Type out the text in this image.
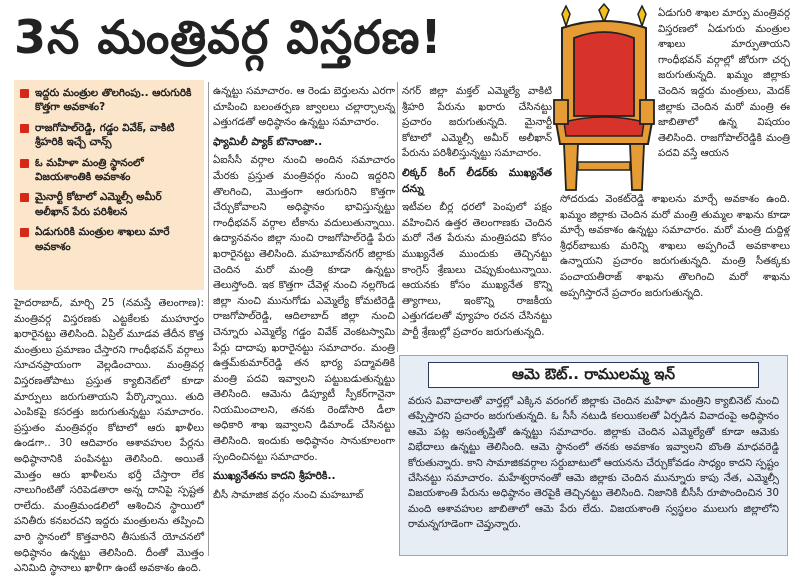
3న మంత్రివర్గ విస్తరణ!
ఇద్దరు మంత్రుల తొలగింపు.. ఆరుగురికి కొత్తగా అవకాశం?
రాజగోపాల్‌రెడ్డి, గడ్డం వివేక్, వాకిటి శ్రీహరికి ఇచ్చే చాన్స్
ఓ మహిళా మంత్రి స్థానంలో విజయశాంతికి అవకాశం
మైనార్టీ కోటాలో ఎమ్మెల్సీ అమీర్ అలీఖాన్ పేరు పరిశీలన
ఏడుగురికి మంత్రుల శాఖలు మారే అవకాశం

హైదరాబాద్, మార్చి 25 (నమస్తే తెలంగాణ): మంత్రివర్గ విస్తరణకు ఎట్టకేలకు ముహూర్తం ఖరారైనట్టు తెలిసింది. ఏప్రిల్ మూడవ తేదీన కొత్త మంత్రులు ప్రమాణం చేస్తారని గాంధీభవన్ వర్గాలు సూచనప్రాయంగా వెల్లడించాయి. మంత్రివర్గ విస్తరణతోపాటు ప్రస్తుత క్యాబినెట్‌లో కూడా మార్పులు జరుగుతాయని పేర్కొన్నాయి. తుది ఎంపికపై కసరత్తు జరుగుతున్నట్టు సమాచారం. ప్రస్తుతం మంత్రివర్గం కోటాలో ఆరు ఖాళీలు ఉండగా.. 30 ఆదివారం ఆశావహుల పేర్లను అధిష్ఠానానికి పంపినట్టు తెలిసింది. అయితే మొత్తం ఆరు ఖాళీలను భర్తీ చేస్తారా లేక నాలుగింటితో సరిపెడతారా అన్న దానిపై స్పష్టత రాలేదు. మంత్రిమండలిలో ఆశించిన స్థాయిలో పనితీరు కనబరచని ఇద్దరు మంత్రులను తప్పించి వారి స్థానంలో కొత్తవారిని తీసుకునే యోచనలో అధిష్ఠానం ఉన్నట్టు తెలిసింది. దీంతో మొత్తం ఎనిమిది స్థానాలు ఖాళీగా ఉంటే అవకాశం ఉంది.

ఉన్నట్టు సమాచారం. ఆ రెండు బెర్తులను ఎరగా చూపించి బలంతర్పణ జ్వాలలు చల్లార్చాలన్న ఎత్తుగడతో అధిష్ఠానం ఉన్నట్టు సమాచారం.

ఫ్యామిలీ ప్యాక్ బొనాంజా..

ఏఐసీసీ వర్గాల నుంచి అందిన సమాచారం మేరకు ప్రస్తుత మంత్రివర్గం నుంచి ఇద్దరిని తొలగించి, మొత్తంగా ఆరుగురిని కొత్తగా చేర్చుకోవాలని అధిష్ఠానం భావిస్తున్నట్టు గాంధీభవన్ వర్గాల టీకాను వదులుతున్నాయి. ఉద్యానవనం జిల్లా నుంచి రాజగోపాల్‌రెడ్డి పేరు ఖరారైనట్టు తెలిసింది. మహబూబ్‌నగర్ జిల్లాకు చెందిన మరో మంత్రి కూడా ఉన్నట్టు తెలుస్తోంది. ఇక కొత్తగా చేవెళ్ల నుంచి నల్లగొండ జిల్లా నుంచి మునుగోడు ఎమ్మెల్యే కోమటిరెడ్డి రాజగోపాల్‌రెడ్డి, ఆదిలాబాద్ జిల్లా నుంచి చెన్నూరు ఎమ్మెల్యే గడ్డం వివేక్ వెంకటస్వామి పేర్లు దాదాపు ఖరారైనట్టు సమాచారం. మంత్రి ఉత్తమ్‌కుమార్‌రెడ్డి తన భార్య పద్మావతికి మంత్రి పదవి ఇవ్వాలని పట్టుబడుతున్నట్టు తెలిసింది. ఆమెను డిప్యూటీ స్పీకర్‌గానైనా నియమించాలని, తనకు రెండోసారి డీలా అధికారి శాఖ ఇవ్వాలని డిమాండ్ చేసినట్టు తెలిసింది. ఇందుకు అధిష్ఠానం సానుకూలంగా స్పందించినట్టు సమాచారం.

ముఖ్యనేతను కాదని శ్రీహరికి..

బీసీ సామాజిక వర్గం నుంచి మహబూబ్

నగర్ జిల్లా మక్తల్ ఎమ్మెల్యే వాకిటి శ్రీహరి పేరును ఖరారు చేసినట్టు ప్రచారం జరుగుతున్నది. మైనార్టీ కోటాలో ఎమ్మెల్సీ అమీర్ అలీఖాన్ పేరును పరిశీలిస్తున్నట్టు సమాచారం.

లిక్కర్ కింగ్ లీడర్‌కు ముఖ్యనేత దన్ను

ఇటీవల బీర్ల ధరలో పెంపులో పక్షం వహించిన ఉత్తర తెలంగాణకు చెందిన మరో నేత పేరును మంత్రిపదవి కోసం ముఖ్యనేత ముందుకు తెచ్చినట్టు కాంగ్రెస్ శ్రేణులు చెప్పుకుంటున్నాయి. ఆయనకు కోసం ముఖ్యనేత కొన్ని త్యాగాలు, ఇంకొన్ని రాజకీయ ఎత్తుగడలతో వ్యూహం రచన చేసినట్టు పార్టీ శ్రేణుల్లో ప్రచారం జరుగుతున్నది.

ఏడుగురి శాఖల మార్పు మంత్రివర్గ విస్తరణలో ఏడుగురు మంత్రుల శాఖలు మార్పుతాయని గాంధీభవన్ వర్గాల్లో జోరుగా చర్చ జరుగుతున్నది. ఖమ్మం జిల్లాకు చెందిన ఇద్దరు మంత్రులు, మెదక్ జిల్లాకు చెందిన మరో మంత్రి ఈ జాబితాలో ఉన్న విషయం తెలిసింది. రాజగోపాల్‌రెడ్డికి మంత్రి పదవి వస్తే ఆయన

సోదరుడు వెంకట్‌రెడ్డి శాఖలను మార్చే అవకాశం ఉంది. ఖమ్మం జిల్లాకు చెందిన మరో మంత్రి తుమ్మల శాఖను కూడా మార్చే అవకాశం ఉన్నట్టు సమాచారం. మరో మంత్రి దుద్దిళ్ల శ్రీధర్‌బాబుకు మరిన్ని శాఖలు అప్పగించే అవకాశాలు ఉన్నాయని ప్రచారం జరుగుతున్నది. మంత్రి సీతక్కకు పంచాయతీరాజ్ శాఖను తొలగించి మరో శాఖను అప్పగిస్తారనే ప్రచారం జరుగుతున్నది.

ఆమె ఔట్.. రాములమ్మ ఇన్
వరుస వివాదాలతో వార్తల్లో ఎక్కిన వరంగల్ జిల్లాకు చెందిన మహిళా మంత్రిని క్యాబినెట్ నుంచి తప్పిస్తారని ప్రచారం జరుగుతున్నది. ఓ సీసీ నటుడి కలయికలతో ఏర్పడిన వివాదంపై అధిష్ఠానం ఆమె పట్ల అసంతృప్తితో ఉన్నట్టు సమాచారం. జిల్లాకు చెందిన ఎమ్మెల్యేతో కూడా ఆమెకు విభేదాలు ఉన్నట్టు తెలిసింది. ఆమె స్థానంలో తనకు అవకాశం ఇవ్వాలని బొంతి మాధవరెడ్డి కోరుతున్నారు. కాని సామాజికవర్గాల సర్దుబాటులో ఆయనను చేర్చుకోవడం సాధ్యం కాదని స్పష్టం చేసినట్టు సమాచారం. మహేశ్వరానంతో ఆమె జిల్లాకు చెందిన మున్నూరు కాపు నేత, ఎమ్మెల్సీ విజయశాంతి పేరును అధిష్ఠానం తెరపైకి తెచ్చినట్టు తెలిసింది. నిజానికి బీసీసీ రూపొందించిన 30 మంది ఆశావహుల జాబితాలో ఆమె పేరు లేదు. విజయశాంతి స్వస్థలం ములుగు జిల్లాలోని రామన్నగూడెంగా చెప్తున్నారు.
